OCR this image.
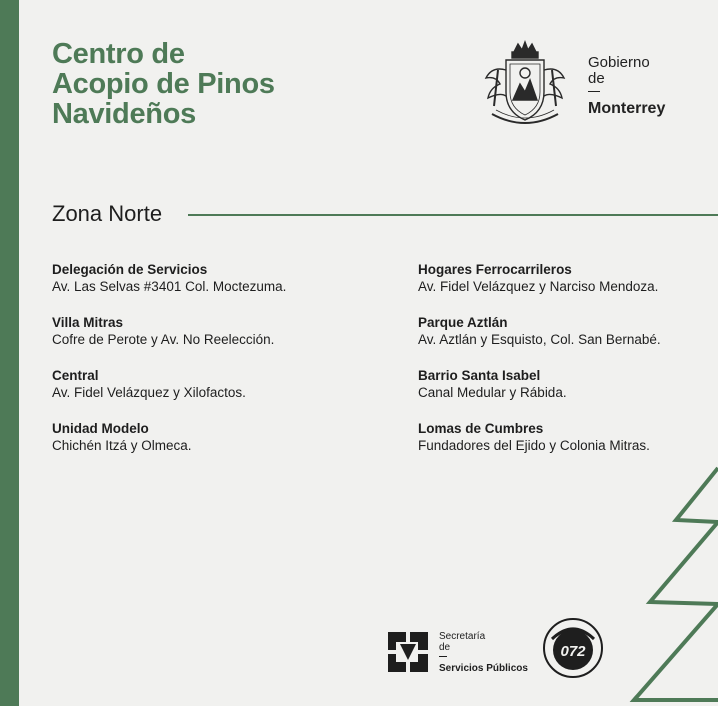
Centro de
Acopio de Pinos
Navideños
Gobierno
de
Monterrey
Zona Norte
Delegación de Servicios
Av. Las Selvas #3401 Col. Moctezuma.
Villa Mitras
Cofre de Perote y Av. No Reelección.
Central
Av. Fidel Velázquez y Xilofactos.
Unidad Modelo
Chichén Itzá y Olmeca.
Hogares Ferrocarrileros
Av. Fidel Velázquez y Narciso Mendoza.
Parque Aztlán
Av. Aztlán y Esquisto, Col. San Bernabé.
Barrio Santa Isabel
Canal Medular y Rábida.
Lomas de Cumbres
Fundadores del Ejido y Colonia Mitras.
Secretaría
de
Servicios Públicos
072
